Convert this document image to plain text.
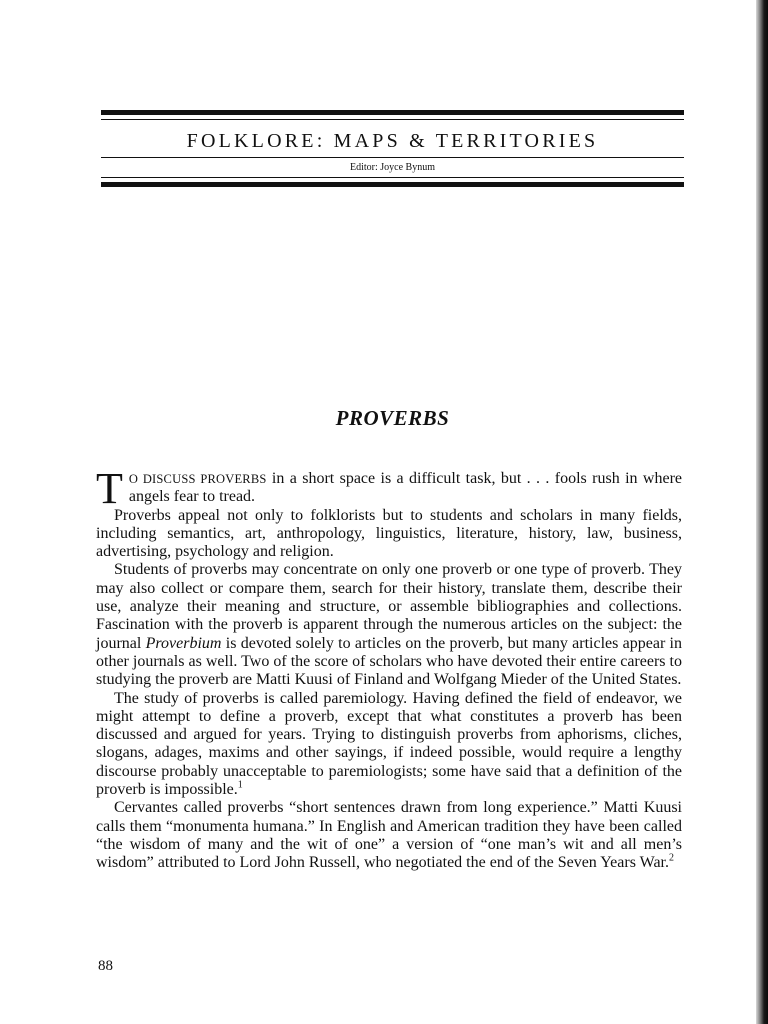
FOLKLORE: MAPS & TERRITORIES
Editor: Joyce Bynum
PROVERBS

T O DISCUSS PROVERBS in a short space is a difficult task, but . . . fools rush in where angels fear to tread.

Proverbs appeal not only to folklorists but to students and scholars in many fields, including semantics, art, anthropology, linguistics, literature, history, law, business, advertising, psychology and religion.

Students of proverbs may concentrate on only one proverb or one type of proverb. They may also collect or compare them, search for their history, translate them, describe their use, analyze their meaning and structure, or assemble bibliographies and collections. Fascination with the proverb is apparent through the numerous articles on the subject: the journal Proverbium is devoted solely to articles on the proverb, but many articles appear in other journals as well. Two of the score of scholars who have devoted their entire careers to studying the proverb are Matti Kuusi of Finland and Wolfgang Mieder of the United States.

The study of proverbs is called paremiology. Having defined the field of endeavor, we might attempt to define a proverb, except that what constitutes a proverb has been discussed and argued for years. Trying to distinguish proverbs from aphorisms, cliches, slogans, adages, maxims and other sayings, if indeed possible, would require a lengthy discourse probably unacceptable to paremiologists; some have said that a definition of the proverb is impossible.$^1$

Cervantes called proverbs “short sentences drawn from long experience.” Matti Kuusi calls them “monumenta humana.” In English and American tradition they have been called “the wisdom of many and the wit of one” a version of “one man’s wit and all men’s wisdom” attributed to Lord John Russell, who negotiated the end of the Seven Years War.$^2$

88
